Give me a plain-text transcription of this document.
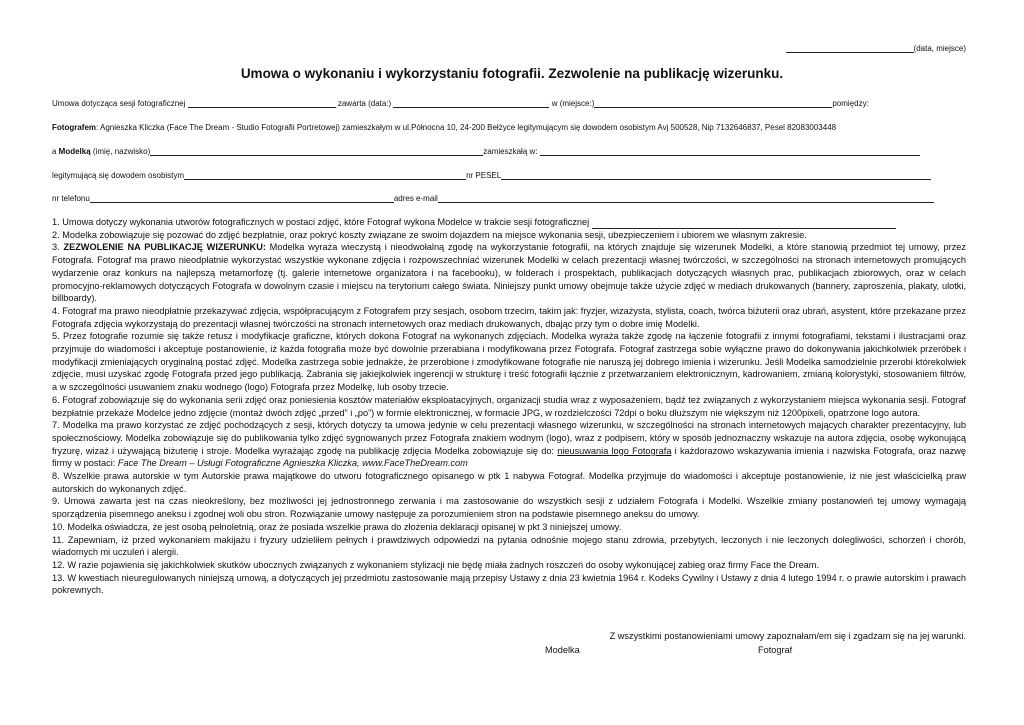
(data, miejsce)
Umowa o wykonaniu i wykorzystaniu fotografii. Zezwolenie na publikację wizerunku.
Umowa dotycząca sesji fotograficznej	zawarta (data:)	w (miejsce:)	pomiędzy:
Fotografem: Agnieszka Kliczka (Face The Dream - Studio Fotografii Portretowej) zamieszkałym w ul.Północna 10, 24-200 Bełżyce legitymującym się dowodem osobistym Avj 500528, Nip 7132646837, Pesel 82083003448
a Modelką (imię, nazwisko)	zamieszkałą w:
legitymującą się dowodem osobistym	nr PESEL
nr telefonu	adres e-mail

1. Umowa dotyczy wykonania utworów fotograficznych w postaci zdjęć, które Fotograf wykona Modelce w trakcie sesji fotograficznej

2. Modelka zobowiązuje się pozować do zdjęć bezpłatnie, oraz pokryć koszty związane ze swoim dojazdem na miejsce wykonania sesji, ubezpieczeniem i ubiorem we własnym zakresie.

3. ZEZWOLENIE NA PUBLIKACJĘ WIZERUNKU: Modelka wyraża wieczystą i nieodwołalną zgodę na wykorzystanie fotografii, na których znajduje się wizerunek Modelki, a które stanowią przedmiot tej umowy, przez Fotografa. Fotograf ma prawo nieodpłatnie wykorzystać wszystkie wykonane zdjęcia i rozpowszechniać wizerunek Modelki w celach prezentacji własnej twórczości, w szczególności na stronach internetowych promujących wydarzenie oraz konkurs na najlepszą metamorfozę (tj. galerie internetowe organizatora i na facebooku), w folderach i prospektach, publikacjach dotyczących własnych prac, publikacjach zbiorowych, oraz w celach promocyjno-reklamowych dotyczących Fotografa w dowolnym czasie i miejscu na terytorium całego świata. Niniejszy punkt umowy obejmuje także użycie zdjęć w mediach drukowanych (bannery, zaproszenia, plakaty, ulotki, billboardy).

4. Fotograf ma prawo nieodpłatnie przekazywać zdjęcia, współpracującym z Fotografem przy sesjach, osobom trzecim, takim jak: fryzjer, wizażysta, stylista, coach, twórca biżuterii oraz ubrań, asystent, które przekazane przez Fotografa zdjęcia wykorzystają do prezentacji własnej twórczości na stronach internetowych oraz mediach drukowanych, dbając przy tym o dobre imię Modelki.

5. Przez fotografie rozumie się także retusz i modyfikacje graficzne, których dokona Fotograf na wykonanych zdjęciach. Modelka wyraża także zgodę na łączenie fotografii z innymi fotografiami, tekstami i ilustracjami oraz przyjmuje do wiadomości i akceptuje postanowienie, iż każda fotografia może być dowolnie przerabiana i modyfikowana przez Fotografa. Fotograf zastrzega sobie wyłączne prawo do dokonywania jakichkolwiek przeróbek i modyfikacji zmieniających oryginalną postać zdjęć. Modelka zastrzega sobie jednakże, że przerobione i zmodyfikowane fotografie nie naruszą jej dobrego imienia i wizerunku. Jeśli Modelka samodzielnie przerobi którekolwiek zdjęcie, musi uzyskać zgodę Fotografa przed jego publikacją. Zabrania się jakiejkolwiek ingerencji w strukturę i treść fotografii łącznie z przetwarzaniem elektronicznym, kadrowaniem, zmianą kolorystyki, stosowaniem filtrów, a w szczególności usuwaniem znaku wodnego (logo) Fotografa przez Modelkę, lub osoby trzecie.

6. Fotograf zobowiązuje się do wykonania serii zdjęć oraz poniesienia kosztów materiałów eksploatacyjnych, organizacji studia wraz z wyposażeniem, bądź też związanych z wykorzystaniem miejsca wykonania sesji. Fotograf bezpłatnie przekaże Modelce jedno zdjęcie (montaż dwóch zdjęć „przed” i „po”) w formie elektronicznej, w formacie JPG, w rozdzielczości 72dpi o boku dłuższym nie większym niż 1200pixeli, opatrzone logo autora.

7. Modelka ma prawo korzystać ze zdjęć pochodzących z sesji, których dotyczy ta umowa jedynie w celu prezentacji własnego wizerunku, w szczególności na stronach internetowych mających charakter prezentacyjny, lub społecznościowy. Modelka zobowiązuje się do publikowania tylko zdjęć sygnowanych przez Fotografa znakiem wodnym (logo), wraz z podpisem, który w sposób jednoznaczny wskazuje na autora zdjęcia, osobę wykonującą fryzurę, wizaż i używającą biżuterię i stroje. Modelka wyrażając zgodę na publikację zdjęcia Modelka zobowiązuje się do: nieusuwania logo Fotografa i każdorazowo wskazywania imienia i nazwiska Fotografa, oraz nazwę firmy w postaci: Face The Dream – Usługi Fotograficzne Agnieszka Kliczka, www.FaceTheDream.com

8. Wszelkie prawa autorskie w tym Autorskie prawa majątkowe do utworu fotograficznego opisanego w ptk 1 nabywa Fotograf. Modelka przyjmuje do wiadomości i akceptuje postanowienie, iż nie jest właścicielką praw autorskich do wykonanych zdjęć.

9. Umowa zawarta jest na czas nieokreślony, bez możliwości jej jednostronnego zerwania i ma zastosowanie do wszystkich sesji z udziałem Fotografa i Modelki. Wszelkie zmiany postanowień tej umowy wymagają sporządzenia pisemnego aneksu i zgodnej woli obu stron. Rozwiązanie umowy następuje za porozumieniem stron na podstawie pisemnego aneksu do umowy.

10. Modelka oświadcza, że jest osobą pełnoletnią, oraz że posiada wszelkie prawa do złożenia deklaracji opisanej w pkt 3 niniejszej umowy.

11. Zapewniam, iż przed wykonaniem makijażu i fryzury udzieliłem pełnych i prawdziwych odpowiedzi na pytania odnośnie mojego stanu zdrowia, przebytych, leczonych i nie leczonych dolegliwości, schorzeń i chorób, wiadomych mi uczuleń i alergii.

12. W razie pojawienia się jakichkolwiek skutków ubocznych związanych z wykonaniem stylizacji nie będę miała żadnych roszczeń do osoby wykonującej zabieg oraz firmy Face the Dream.

13. W kwestiach nieuregulowanych niniejszą umową, a dotyczących jej przedmiotu zastosowanie mają przepisy Ustawy z dnia 23 kwietnia 1964 r. Kodeks Cywilny i Ustawy z dnia 4 lutego 1994 r. o prawie autorskim i prawach pokrewnych.

Z wszystkimi postanowieniami umowy zapoznałam/em się i zgadzam się na jej warunki.
Modelka	Fotograf
